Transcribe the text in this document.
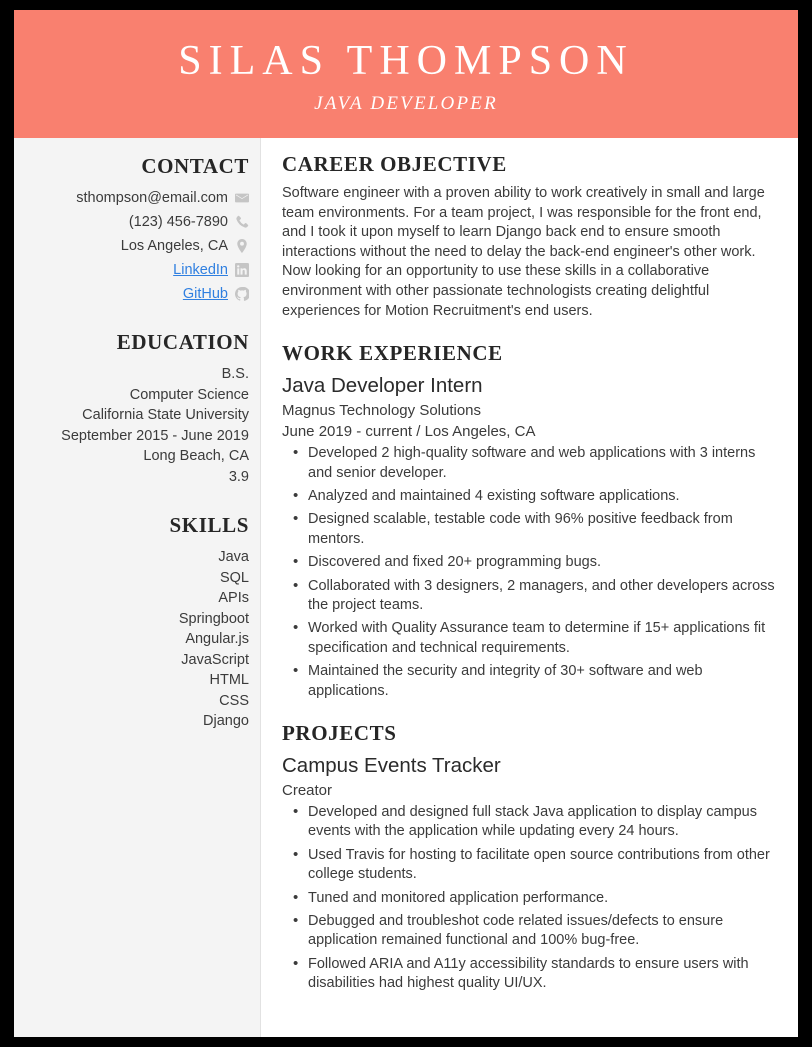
SILAS THOMPSON
JAVA DEVELOPER
CONTACT
sthompson@email.com
(123) 456-7890
Los Angeles, CA
LinkedIn
GitHub
EDUCATION
B.S.
Computer Science
California State University
September 2015 - June 2019
Long Beach, CA
3.9
SKILLS
Java
SQL
APIs
Springboot
Angular.js
JavaScript
HTML
CSS
Django
CAREER OBJECTIVE
Software engineer with a proven ability to work creatively in small and large team environments. For a team project, I was responsible for the front end, and I took it upon myself to learn Django back end to ensure smooth interactions without the need to delay the back-end engineer's other work. Now looking for an opportunity to use these skills in a collaborative environment with other passionate technologists creating delightful experiences for Motion Recruitment's end users.
WORK EXPERIENCE
Java Developer Intern
Magnus Technology Solutions
June 2019 - current / Los Angeles, CA
• Developed 2 high-quality software and web applications with 3 interns and senior developer.
• Analyzed and maintained 4 existing software applications.
• Designed scalable, testable code with 96% positive feedback from mentors.
• Discovered and fixed 20+ programming bugs.
• Collaborated with 3 designers, 2 managers, and other developers across the project teams.
• Worked with Quality Assurance team to determine if 15+ applications fit specification and technical requirements.
• Maintained the security and integrity of 30+ software and web applications.
PROJECTS
Campus Events Tracker
Creator
• Developed and designed full stack Java application to display campus events with the application while updating every 24 hours.
• Used Travis for hosting to facilitate open source contributions from other college students.
• Tuned and monitored application performance.
• Debugged and troubleshot code related issues/defects to ensure application remained functional and 100% bug-free.
• Followed ARIA and A11y accessibility standards to ensure users with disabilities had highest quality UI/UX.
